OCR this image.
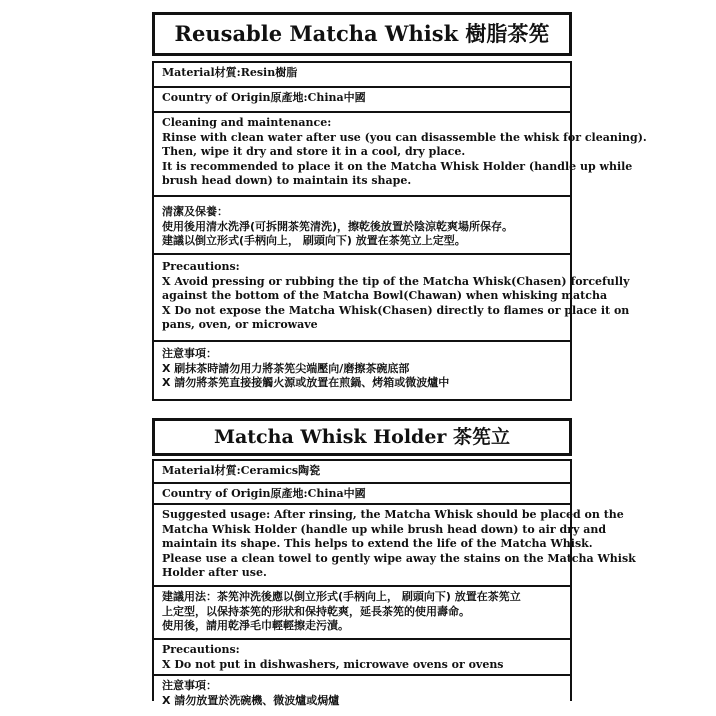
Reusable Matcha Whisk 樹脂茶筅
Material材質:Resin樹脂
Country of Origin原產地:China中國
Cleaning and maintenance:
Rinse with clean water after use (you can disassemble the whisk for cleaning).
Then, wipe it dry and store it in a cool, dry place.
It is recommended to place it on the Matcha Whisk Holder (handle up while
brush head down) to maintain its shape.
清潔及保養：
使用後用清水洗淨(可拆開茶筅清洗)，擦乾後放置於陰涼乾爽場所保存。
建議以倒立形式(手柄向上， 刷頭向下) 放置在茶筅立上定型。
Precautions:
X Avoid pressing or rubbing the tip of the Matcha Whisk(Chasen) forcefully
against the bottom of the Matcha Bowl(Chawan) when whisking matcha
X Do not expose the Matcha Whisk(Chasen) directly to flames or place it on
pans, oven, or microwave
注意事項：
X 刷抹茶時請勿用力將茶筅尖端壓向/磨擦茶碗底部
X 請勿將茶筅直接接觸火源或放置在煎鍋、烤箱或微波爐中
Matcha Whisk Holder 茶筅立
Material材質:Ceramics陶瓷
Country of Origin原產地:China中國
Suggested usage: After rinsing, the Matcha Whisk should be placed on the
Matcha Whisk Holder (handle up while brush head down) to air dry and
maintain its shape. This helps to extend the life of the Matcha Whisk.
Please use a clean towel to gently wipe away the stains on the Matcha Whisk
Holder after use.
建議用法：茶筅沖洗後應以倒立形式(手柄向上， 刷頭向下) 放置在茶筅立
上定型，以保持茶筅的形狀和保持乾爽，延長茶筅的使用壽命。
使用後，請用乾淨毛巾輕輕擦走污漬。
Precautions:
X Do not put in dishwashers, microwave ovens or ovens
注意事項：
X 請勿放置於洗碗機、微波爐或焗爐
